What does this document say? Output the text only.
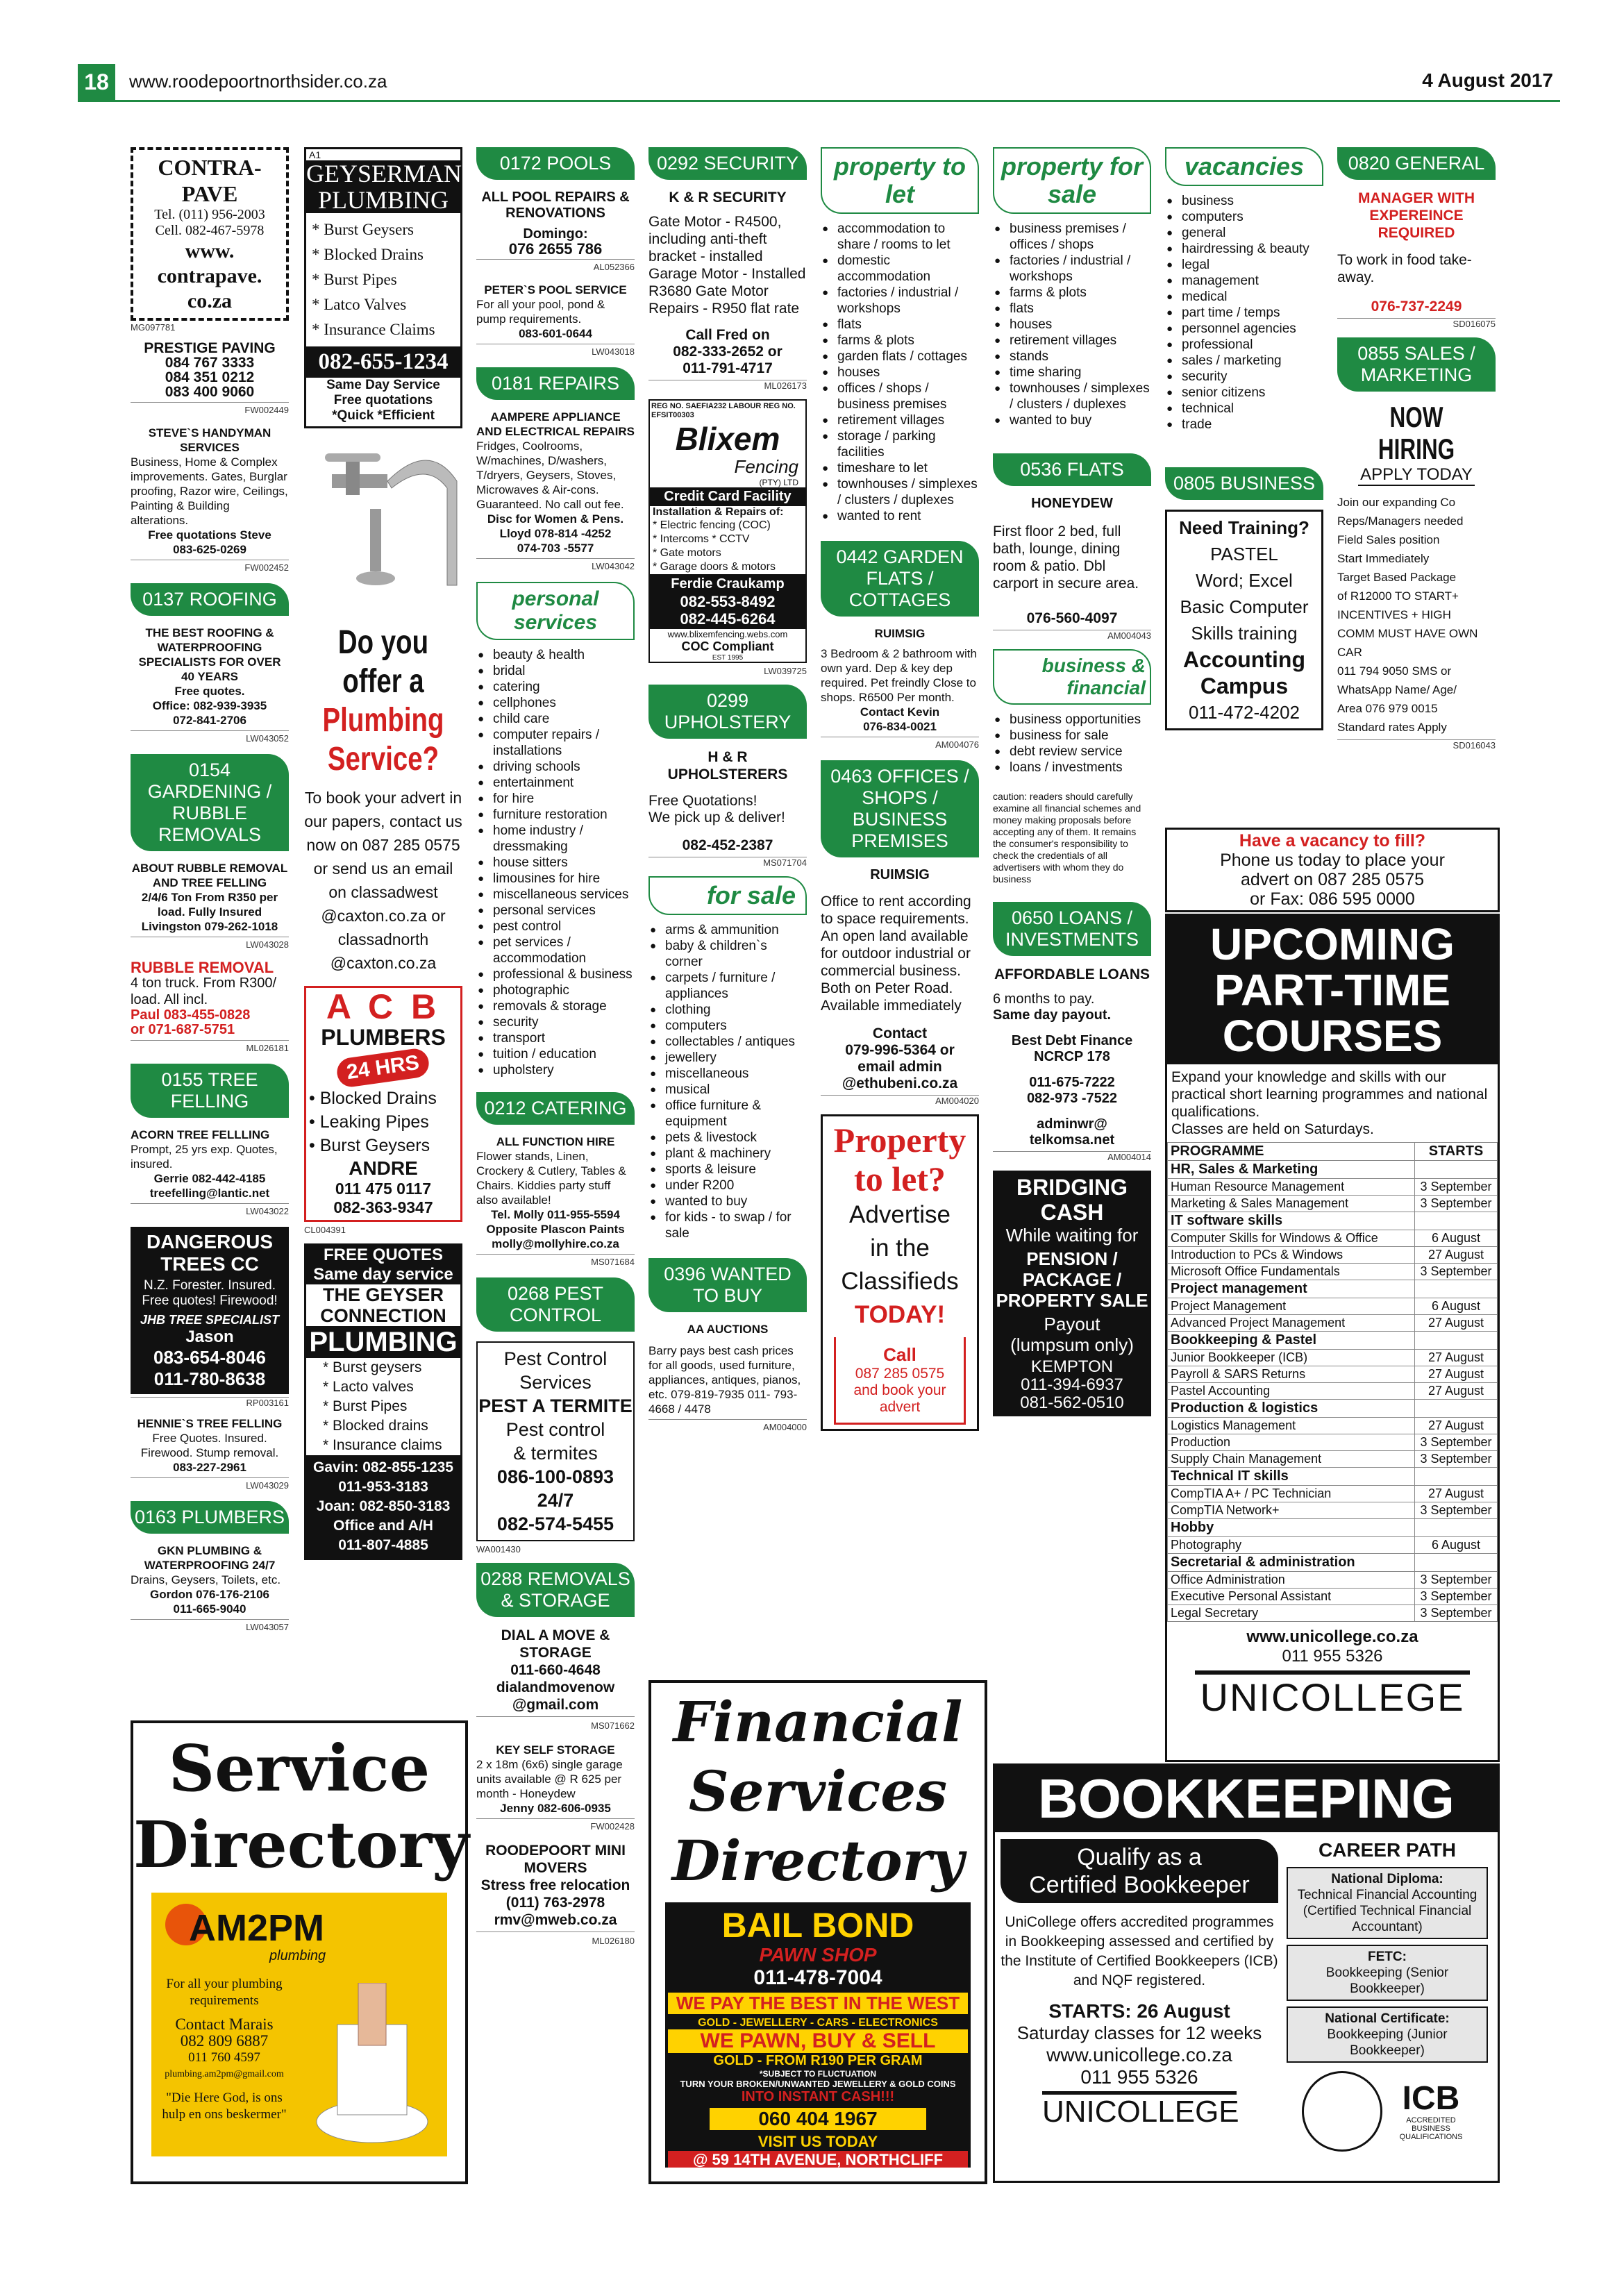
18	www.roodepoortnorthsider.co.za	4 August 2017
CONTRA-PAVE
Tel. (011) 956-2003
Cell. 082-467-5978
www. contrapave. co.za
MG097781
PRESTIGE PAVING
084 767 3333
084 351 0212
083 400 9060
FW002449
STEVE`S HANDYMAN SERVICES
Business, Home & Complex improvements. Gates, Burglar proofing, Razor wire, Ceilings, Painting & Building alterations.
Free quotations Steve
083-625-0269
FW002452
0137 ROOFING
THE BEST ROOFING & WATERPROOFING SPECIALISTS FOR OVER 40 YEARS
Free quotes.
Office: 082-939-3935
072-841-2706
LW043052
0154 GARDENING / RUBBLE REMOVALS
ABOUT RUBBLE REMOVAL AND TREE FELLING
2/4/6 Ton From R350 per load. Fully Insured Livingston 079-262-1018
LW043028
RUBBLE REMOVAL
4 ton truck. From R300/ load. All incl.
Paul 083-455-0828
or 071-687-5751
ML026181
0155 TREE FELLING
ACORN TREE FELLLING
Prompt, 25 yrs exp. Quotes, insured.
Gerrie 082-442-4185
treefelling@lantic.net
LW043022
DANGEROUS
TREES CC
N.Z. Forester. Insured.
Free quotes! Firewood!
JHB TREE SPECIALIST
Jason
083-654-8046
011-780-8638
RP003161
HENNIE`S TREE FELLING
Free Quotes. Insured. Firewood. Stump removal.
083-227-2961
LW043029
0163 PLUMBERS
GKN PLUMBING & WATERPROOFING 24/7
Drains, Geysers, Toilets, etc.
Gordon 076-176-2106
011-665-9040
LW043057
A1
GEYSERMAN
PLUMBING
* Burst Geysers
* Blocked Drains
* Burst Pipes
* Latco Valves
* Insurance Claims
082-655-1234
Same Day Service
Free quotations
*Quick *Efficient
Do you
offer a
Plumbing
Service?
To book your advert in our papers, contact us now on 087 285 0575 or send us an email on classadwest @caxton.co.za or classadnorth @caxton.co.za
A C B
PLUMBERS
24 HRS
• Blocked Drains
• Leaking Pipes
• Burst Geysers
ANDRE
011 475 0117
082-363-9347
CL004391
FREE QUOTES
Same day service
THE GEYSER CONNECTION
PLUMBING
* Burst geysers
* Lacto valves
* Burst Pipes
* Blocked drains
* Insurance claims
Gavin: 082-855-1235
011-953-3183
Joan: 082-850-3183
Office and A/H
011-807-4885
Service
Directory
AM2PM
plumbing
For all your plumbing requirements
Contact Marais
082 809 6887
011 760 4597
plumbing.am2pm@gmail.com
"Die Here God, is ons hulp en ons beskermer"
0172 POOLS
ALL POOL REPAIRS & RENOVATIONS
Domingo:
076 2655 786
AL052366
PETER`S POOL SERVICE
For all your pool, pond & pump requirements.
083-601-0644
LW043018
0181 REPAIRS
AAMPERE APPLIANCE AND ELECTRICAL REPAIRS
Fridges, Coolrooms, W/machines, D/washers, T/dryers, Geysers, Stoves, Microwaves & Air-cons. Guaranteed. No call out fee.
Disc for Women & Pens.
Lloyd 078-814 -4252
074-703 -5577
LW043042
personal services
● beauty & health
● bridal
● catering
● cellphones
● child care
● computer repairs / installations
● driving schools
● entertainment
● for hire
● furniture restoration
● home industry / dressmaking
● house sitters
● limousines for hire
● miscellaneous services
● personal services
● pest control
● pet services / accommodation
● professional & business
● photographic
● removals & storage
● security
● transport
● tuition / education
● upholstery
0212 CATERING
ALL FUNCTION HIRE
Flower stands, Linen, Crockery & Cutlery, Tables & Chairs. Kiddies party stuff also available!
Tel. Molly 011-955-5594
Opposite Plascon Paints
molly@mollyhire.co.za
MS071684
0268 PEST CONTROL
Pest Control
Services
PEST A TERMITE
Pest control
& termites
086-100-0893
24/7
082-574-5455
WA001430
0288 REMOVALS & STORAGE
DIAL A MOVE & STORAGE
011-660-4648
dialandmovenow @gmail.com
MS071662
KEY SELF STORAGE
2 x 18m (6x6) single garage units available @ R 625 per month - Honeydew
Jenny 082-606-0935
FW002428
ROODEPOORT MINI MOVERS
Stress free relocation
(011) 763-2978
rmv@mweb.co.za
ML026180
0292 SECURITY
K & R SECURITY
Gate Motor - R4500, including anti-theft bracket - installed Garage Motor - Installed R3680 Gate Motor Repairs - R950 flat rate
Call Fred on
082-333-2652 or
011-791-4717
ML026173
REG NO. SAEFIA232 LABOUR REG NO. EFSIT00303
Blixem
Fencing
(PTY) LTD
Credit Card Facility
Installation & Repairs of:
* Electric fencing (COC)
* Intercoms * CCTV
* Gate motors
* Garage doors & motors
Ferdie Craukamp
082-553-8492
082-445-6264
www.blixemfencing.webs.com
COC Compliant
EST 1995
LW039725
0299 UPHOLSTERY
H & R UPHOLSTERERS
Free Quotations!
We pick up & deliver!
082-452-2387
MS071704
for sale
● arms & ammunition
● baby & children`s corner
● carpets / furniture / appliances
● clothing
● computers
● collectables / antiques
● jewellery
● miscellaneous
● musical
● office furniture & equipment
● pets & livestock
● plant & machinery
● sports & leisure
● under R200
● wanted to buy
● for kids - to swap / for sale
0396 WANTED TO BUY
AA AUCTIONS
Barry pays best cash prices for all goods, used furniture, appliances, antiques, pianos, etc. 079-819-7935 011- 793- 4668 / 4478
AM004000
Financial
Services
Directory
BAIL BOND
PAWN SHOP
011-478-7004
WE PAY THE BEST IN THE WEST
GOLD - JEWELLERY - CARS - ELECTRONICS
WE PAWN, BUY & SELL
GOLD - FROM R190 PER GRAM
*SUBJECT TO FLUCTUATION
TURN YOUR BROKEN/UNWANTED JEWELLERY & GOLD COINS
INTO INSTANT CASH!!!
060 404 1967
VISIT US TODAY
@ 59 14TH AVENUE, NORTHCLIFF
property to let
● accommodation to share / rooms to let
● domestic accommodation
● factories / industrial / workshops
● flats
● farms & plots
● garden flats / cottages
● houses
● offices / shops / business premises
● retirement villages
● storage / parking facilities
● timeshare to let
● townhouses / simplexes / clusters / duplexes
● wanted to rent
0442 GARDEN FLATS / COTTAGES
RUIMSIG
3 Bedroom & 2 bathroom with own yard. Dep & key dep required. Pet freindly Close to shops. R6500 Per month.
Contact Kevin
076-834-0021
AM004076
0463 OFFICES / SHOPS / BUSINESS PREMISES
RUIMSIG
Office to rent according to space requirements. An open land available for outdoor industrial or commercial business. Both on Peter Road. Available immediately
Contact
079-996-5364 or
email admin @ethubeni.co.za
AM004020
Property
to let?
Advertise
in the
Classifieds
TODAY!
Call
087 285 0575
and book your advert
property for sale
● business premises / offices / shops
● factories / industrial / workshops
● farms & plots
● flats
● houses
● retirement villages
● stands
● time sharing
● townhouses / simplexes / clusters / duplexes
● wanted to buy
0536 FLATS
HONEYDEW
First floor 2 bed, full bath, lounge, dining room & patio. Dbl carport in secure area.
076-560-4097
AM004043
business & financial
● business opportunities
● business for sale
● debt review service
● loans / investments
caution: readers should carefully examine all financial schemes and money making proposals before accepting any of them. It remains the consumer's responsibility to check the credentials of all advertisers with whom they do business
0650 LOANS / INVESTMENTS
AFFORDABLE LOANS
6 months to pay.
Same day payout.
Best Debt Finance NCRCP 178
011-675-7222
082-973 -7522
adminwr@ telkomsa.net
AM004014
BRIDGING CASH
While waiting for
PENSION / PACKAGE / PROPERTY SALE
Payout
(lumpsum only)
KEMPTON
011-394-6937
081-562-0510
vacancies
● business
● computers
● general
● hairdressing & beauty
● legal
● management
● medical
● part time / temps
● personnel agencies
● professional
● sales / marketing
● security
● senior citizens
● technical
● trade
0805 BUSINESS
Need Training?
PASTEL
Word; Excel
Basic Computer
Skills training
Accounting
Campus
011-472-4202
0820 GENERAL
MANAGER WITH EXPEREINCE REQUIRED
To work in food take-away.
076-737-2249
SD016075
0855 SALES / MARKETING
NOW HIRING
APPLY TODAY
Join our expanding Co
Reps/Managers needed
Field Sales position
Start Immediately
Target Based Package
of R12000 TO START+
INCENTIVES + HIGH
COMM MUST HAVE OWN
CAR
011 794 9050 SMS or
WhatsApp Name/ Age/
Area 076 979 0015
Standard rates Apply
SD016043
Have a vacancy to fill?
Phone us today to place your
advert on 087 285 0575
or Fax: 086 595 0000
UPCOMING
PART-TIME
COURSES
Expand your knowledge and skills with our practical short learning programmes and national qualifications.
Classes are held on Saturdays.
PROGRAMME	STARTS
HR, Sales & Marketing	
Human Resource Management	3 September
Marketing & Sales Management	3 September
IT software skills	
Computer Skills for Windows & Office	6 August
Introduction to PCs & Windows	27 August
Microsoft Office Fundamentals	3 September
Project management	
Project Management	6 August
Advanced Project Management	27 August
Bookkeeping & Pastel	
Junior Bookkeeper (ICB)	27 August
Payroll & SARS Returns	27 August
Pastel Accounting	27 August
Production & logistics	
Logistics Management	27 August
Production	3 September
Supply Chain Management	3 September
Technical IT skills	
CompTIA A+ / PC Technician	27 August
CompTIA Network+	3 September
Hobby	
Photography	6 August
Secretarial & administration	
Office Administration	3 September
Executive Personal Assistant	3 September
Legal Secretary	3 September
www.unicollege.co.za
011 955 5326
UNICOLLEGE
BOOKKEEPING
Qualify as a
Certified Bookkeeper
UniCollege offers accredited programmes in Bookkeeping assessed and certified by the Institute of Certified Bookkeepers (ICB) and NQF registered.
STARTS: 26 August
Saturday classes for 12 weeks
www.unicollege.co.za
011 955 5326
UNICOLLEGE
CAREER PATH
National Diploma:
Technical Financial Accounting (Certified Technical Financial Accountant)
FETC:
Bookkeeping (Senior Bookkeeper)
National Certificate:
Bookkeeping (Junior Bookkeeper)
ICB
ACCREDITED BUSINESS QUALIFICATIONS
